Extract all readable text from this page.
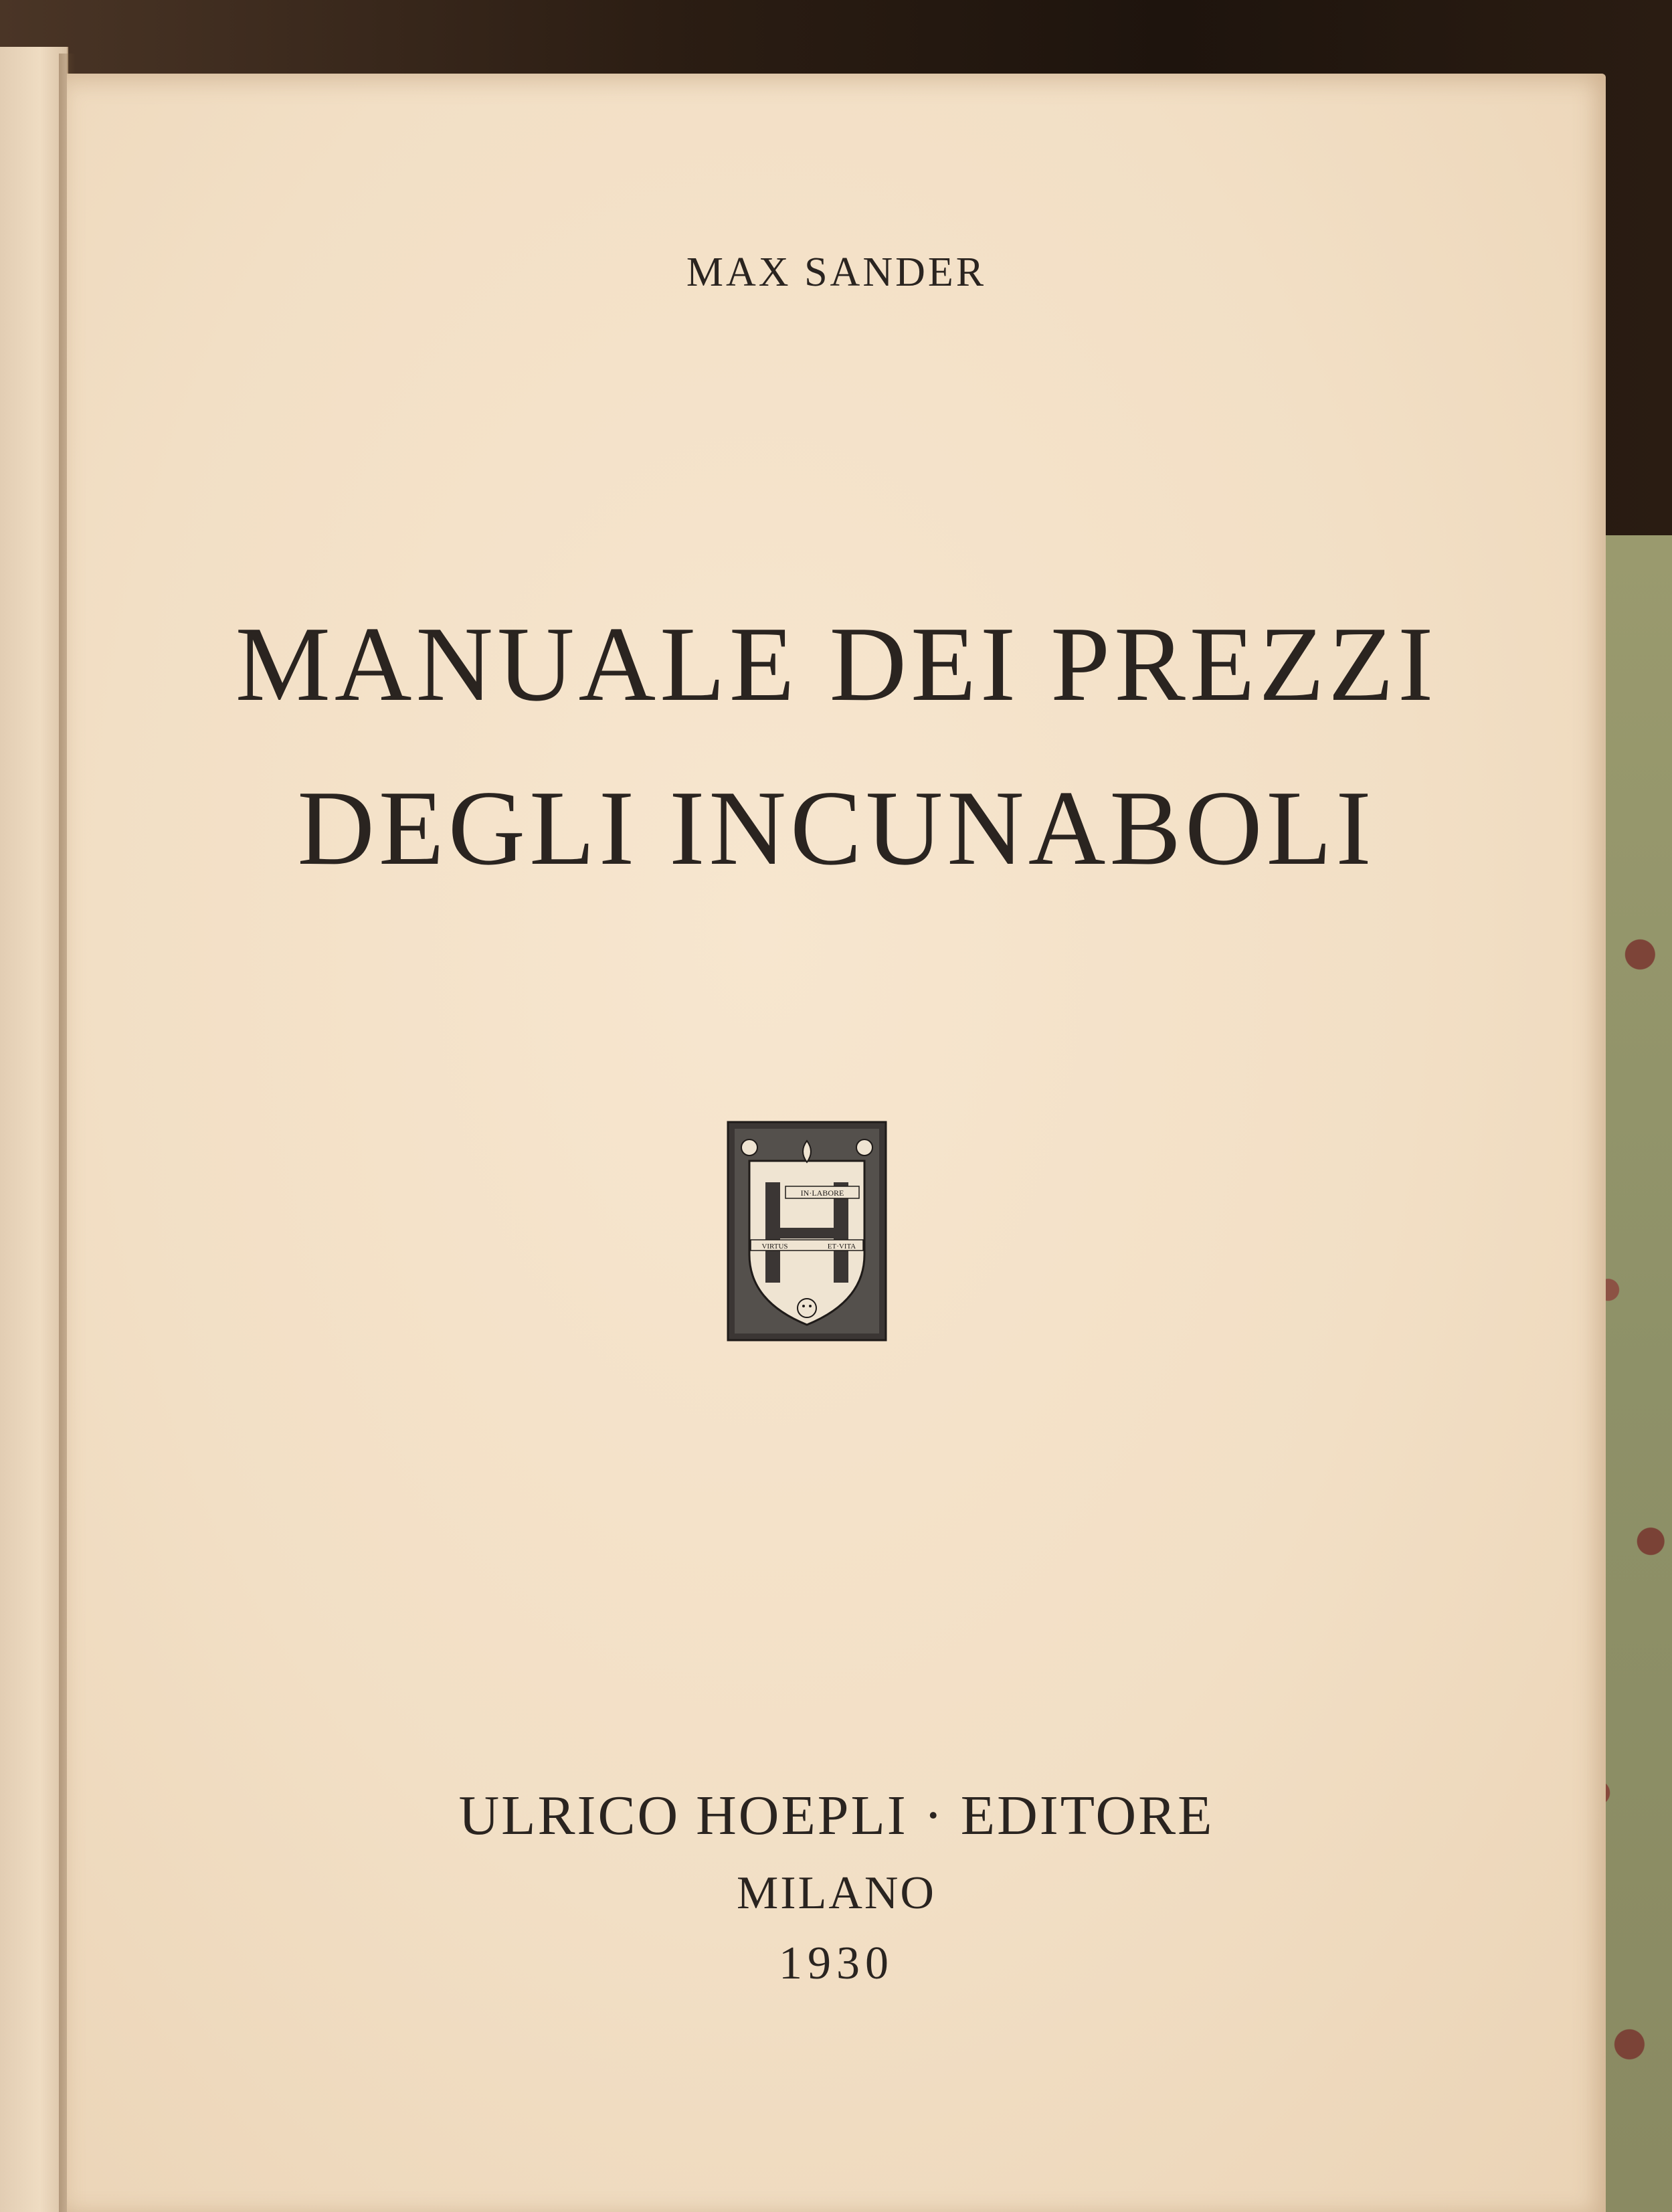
MAX SANDER
MANUALE DEI PREZZI
DEGLI INCUNABOLI
IN·LABORE
VIRTUS	ET·VITA
ULRICO HOEPLI · EDITORE
MILANO
1930
